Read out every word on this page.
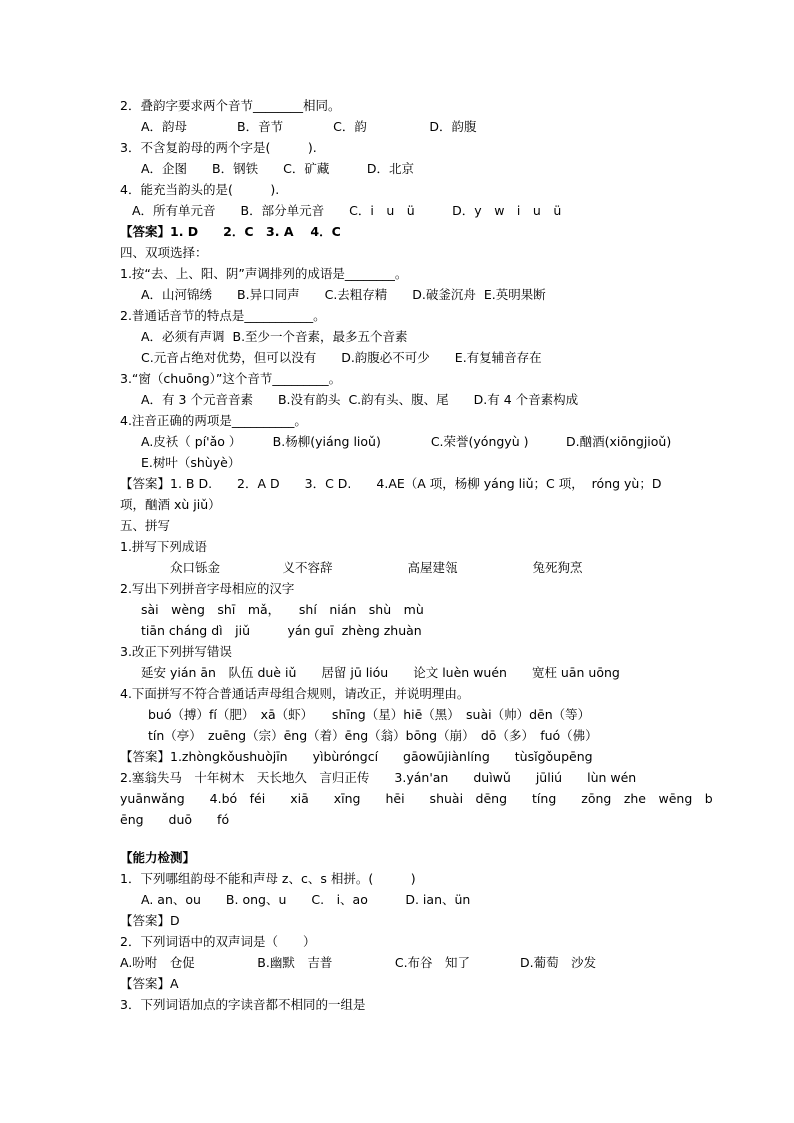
2．叠韵字要求两个音节________相同。
A．韵母　　　　B．音节　　　　C．韵　　　　　D．韵腹
3．不含复韵母的两个字是(　　　).
A．企图　　B．钢铁　　C．矿藏　　　D．北京
4．能充当韵头的是(　　　).
A．所有单元音　　B．部分单元音　　C．i　u　ü　　　D．y　w　i　u　ü
【答案】1. D　　2．C　3. A　 4．C
四、双项选择：
1.按“去、上、阳、阴”声调排列的成语是________。
A．山河锦绣　　B.异口同声　　C.去粗存精　　D.破釜沉舟  E.英明果断
2.普通话音节的特点是___________。
A．必须有声调  B.至少一个音素，最多五个音素
C.元音占绝对优势，但可以没有　　D.韵腹必不可少　　E.有复辅音存在
3.“窗（chuōng）”这个音节_________。
A．有 3 个元音音素　　B.没有韵头  C.韵有头、腹、尾　　D.有 4 个音素构成
4.注音正确的两项是__________。
A.皮袄（ pí'ǎo ）　　　B.杨柳(yiáng lioǔ)　　　　C.荣誉(yóngyù )　　　D.酗酒(xiōngjioǔ)
E.树叶（shùyè）
【答案】1. B D.　　2．A D　　3．C D.　　4.AE（A 项，杨柳 yáng liǔ；C 项，  róng yù；D
项，酗酒 xù jiǔ）
五、拼写
1.拼写下列成语
众口铄金　　　　　义不容辞　　　　　　高屋建瓴　　　　　　兔死狗烹
2.写出下列拼音字母相应的汉字
sài　wèng　shī　mǎ，　　shí　nián　shù　mù
tiān cháng dì　jiǔ　　　yán guī  zhèng zhuàn
3.改正下列拼写错误
延安 yián ān　队伍 duè iǔ　　居留 jū lióu　　论文 luèn wuén　　宽枉 uān uōng
4.下面拼写不符合普通话声母组合规则，请改正，并说明理由。
buó（搏）fí（肥）　xā（虾）　　shīng（星）hiē（黑）　suài（帅）dēn（等）
tín（亭）　zuēng（宗）ēng（着）ēng（翁）bōng（崩）　dō（多）　fuó（佛）
【答案】1.zhòngkǒushuòjīn　　yìbùróngcí　　gāowūjiànlíng　　tùsǐgǒupēng
2.塞翁失马　十年树木　天长地久　言归正传　　3.yán'an　　duìwǔ　　jūliú　　lùn wén
yuānwǎng　　4.bó　féi　　xiā　　xīng　　hēi　　shuài　dēng　　tíng　　zōng　zhe　wēng　b
ēng　　duō　　fó
【能力检测】
1．下列哪组韵母不能和声母 z、c、s 相拼。(　　　)
A. an、ou　　B. ong、u　　C.　i、ao　　　D. ian、ün
【答案】D
2．下列词语中的双声词是（　　）
A.吩咐　仓促　　　　　B.幽默　吉普　　　　　C.布谷　知了　　　　D.葡萄　沙发
【答案】A
3．下列词语加点的字读音都不相同的一组是
